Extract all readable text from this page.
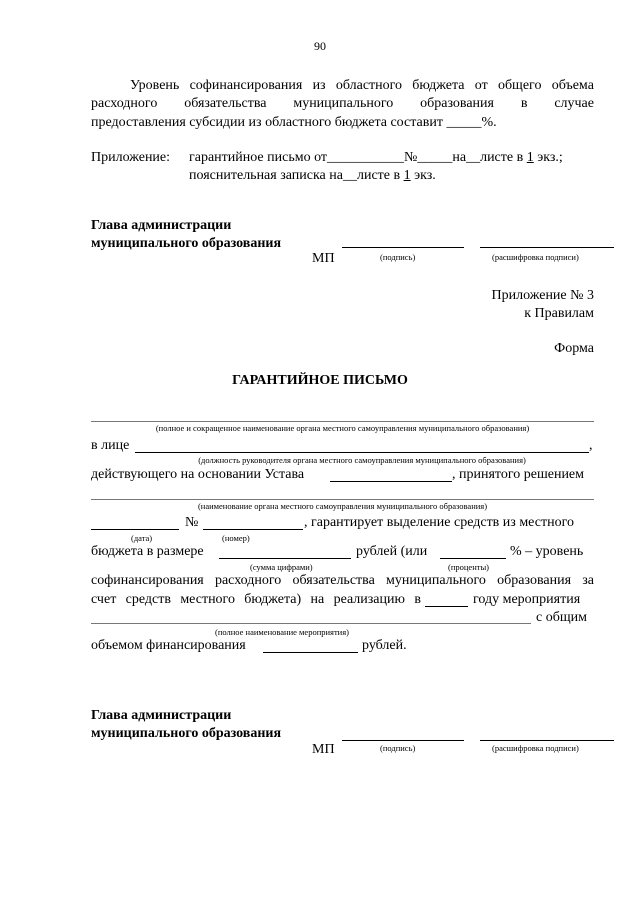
90
Уровень софинансирования из областного бюджета от общего объема
расходного обязательства муниципального образования в случае
предоставления субсидии из областного бюджета составит _____%.
Приложение: гарантийное письмо от___________№_____на__листе в 1 экз.;
пояснительная записка на__листе в 1 экз.
Глава администрации
муниципального образования
МП	(подпись)	(расшифровка подписи)
Приложение № 3
к Правилам
Форма
ГАРАНТИЙНОЕ ПИСЬМО
(полное и сокращенное наименование органа местного самоуправления муниципального образования)
в лице	,
(должность руководителя органа местного самоуправления муниципального образования)
действующего на основании Устава	, принятого решением
(наименование органа местного самоуправления муниципального образования)
№	, гарантирует выделение средств из местного
(дата)	(номер)
бюджета в размере	рублей (или	% – уровень
(сумма цифрами)	(проценты)
софинансирования расходного обязательства муниципального образования за
счет средств местного бюджета) на реализацию в	году мероприятия
с общим
(полное наименование мероприятия)
объемом финансирования	рублей.
Глава администрации
муниципального образования
МП	(подпись)	(расшифровка подписи)
